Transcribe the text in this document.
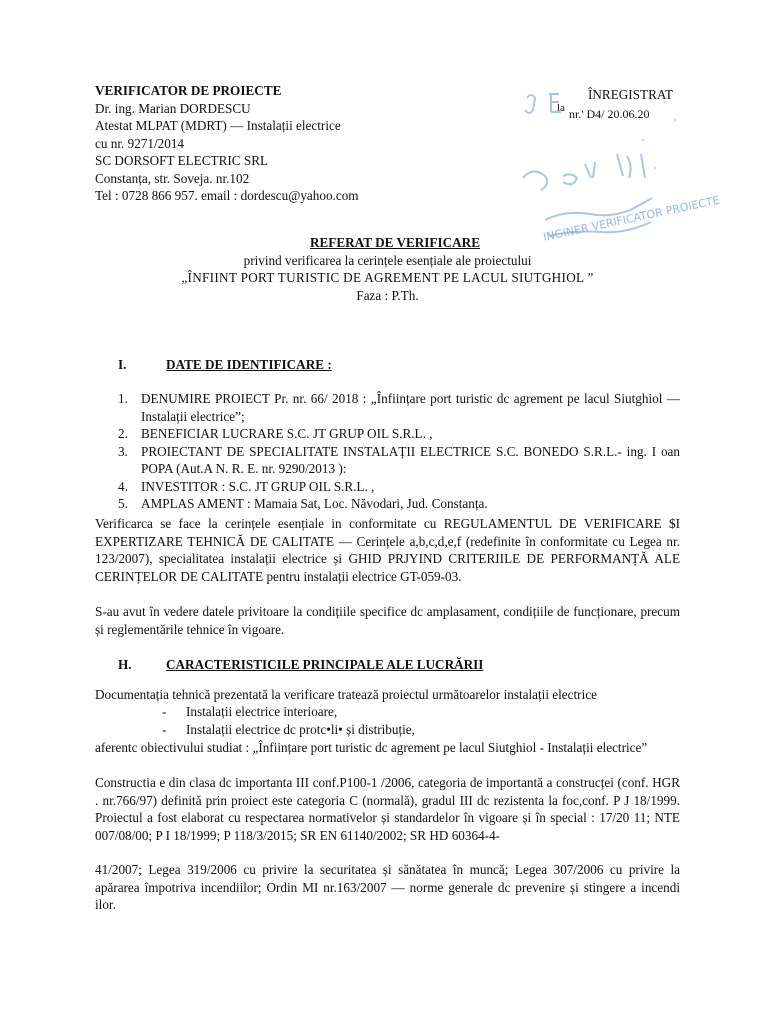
VERIFICATOR DE PROIECTE
Dr. ing. Marian DORDESCU
Atestat MLPAT (MDRT) — Instalații electrice
cu nr. 9271/2014
SC DORSOFT ELECTRIC SRL
Constanța, str. Soveja. nr.102
Tel : 0728 866 957. email : dordescu@yahoo.com	INGINER VERIFICATOR PROIECTE
ÎNREGISTRAT
la nr.' D4/ 20.06.20
REFERAT DE VERIFICARE
privind verificarea la cerințele esențiale ale proiectului
„ÎNFIINT PORT TURISTIC DE AGREMENT PE LACUL SIUTGHIOL ”
Faza : P.Th.
I.	DATE DE IDENTIFICARE :
1. DENUMIRE PROIECT Pr. nr. 66/ 2018 : „Înființare port turistic dc agrement pe lacul Siutghiol — Instalații electrice”;
2. BENEFICIAR LUCRARE S.C. JT GRUP OIL S.R.L. ,
3. PROIECTANT DE SPECIALITATE INSTALAȚII ELECTRICE S.C. BONEDO S.R.L.- ing. I oan POPA (Aut.A N. R. E. nr. 9290/2013 ):
4. INVESTITOR : S.C. JT GRUP OIL S.R.L. ,
5. AMPLAS AMENT : Mamaia Sat, Loc. Năvodari, Jud. Constanța.

Verificarca se face la cerințele esențiale in conformitate cu REGULAMENTUL DE VERIFICARE $I EXPERTIZARE TEHNICĂ DE CALITATE — Cerințele a,b,c,d,e,f (redefinite în conformitate cu Legea nr. 123/2007), specialitatea instalații electrice și GHID PRJYIND CRITERIILE DE PERFORMANȚĂ ALE CERINȚELOR DE CALITATE pentru instalații electrice GT-059-03.

S-au avut în vedere datele privitoare la condițiile specifice dc amplasament, condițiile de funcționare, precum și reglementările tehnice în vigoare.

H.	CARACTERISTICILE PRINCIPALE ALE LUCRĂRII
Documentația tehnică prezentată la verificare tratează proiectul următoarelor instalații electrice
- Instalații electrice interioare,
- Instalații electrice dc protc•li• și distribuție,

aferentc obiectivului studiat : „Înființare port turistic dc agrement pe lacul Siutghiol - Instalații electrice”

Constructia e din clasa dc importanta III conf.P100-1 /2006, categoria de importantă a construcței (conf. HGR . nr.766/97) definită prin proiect este categoria C (normală), gradul III dc rezistenta la foc,conf. P J 18/1999. Proiectul a fost elaborat cu respectarea normativelor și standardelor în vigoare și în special : 17/20 11; NTE 007/08/00; P I 18/1999; P 118/3/2015; SR EN 61140/2002; SR HD 60364-4-

41/2007; Legea 319/2006 cu privire la securitatea și sănătatea în muncă; Legea 307/2006 cu privire la apărarea împotriva incendiilor; Ordin MI nr.163/2007 — norme generale dc prevenire și stingere a incendi ilor.
